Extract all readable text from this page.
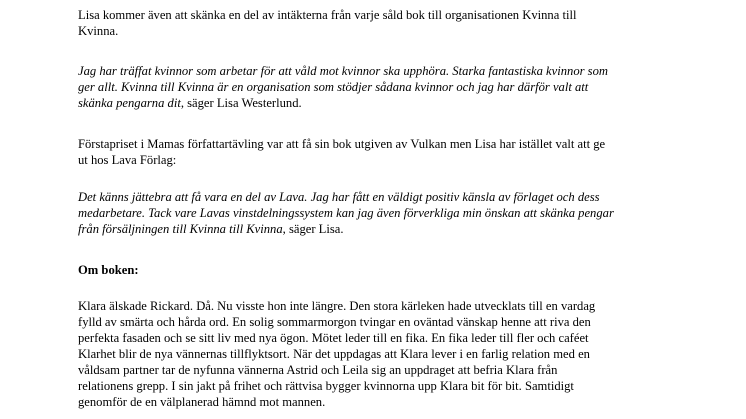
Lisa kommer även att skänka en del av intäkterna från varje såld bok till organisationen Kvinna till
Kvinna.

Jag har träffat kvinnor som arbetar för att våld mot kvinnor ska upphöra. Starka fantastiska kvinnor som
ger allt. Kvinna till Kvinna är en organisation som stödjer sådana kvinnor och jag har därför valt att
skänka pengarna dit, säger Lisa Westerlund.

Förstapriset i Mamas författartävling var att få sin bok utgiven av Vulkan men Lisa har istället valt att ge
ut hos Lava Förlag:

Det känns jättebra att få vara en del av Lava. Jag har fått en väldigt positiv känsla av förlaget och dess
medarbetare. Tack vare Lavas vinstdelningssystem kan jag även förverkliga min önskan att skänka pengar
från försäljningen till Kvinna till Kvinna, säger Lisa.

Om boken:

Klara älskade Rickard. Då. Nu visste hon inte längre. Den stora kärleken hade utvecklats till en vardag
fylld av smärta och hårda ord. En solig sommarmorgon tvingar en oväntad vänskap henne att riva den
perfekta fasaden och se sitt liv med nya ögon. Mötet leder till en fika. En fika leder till fler och caféet
Klarhet blir de nya vännernas tillflyktsort. När det uppdagas att Klara lever i en farlig relation med en
våldsam partner tar de nyfunna vännerna Astrid och Leila sig an uppdraget att befria Klara från
relationens grepp. I sin jakt på frihet och rättvisa bygger kvinnorna upp Klara bit för bit. Samtidigt
genomför de en välplanerad hämnd mot mannen.
